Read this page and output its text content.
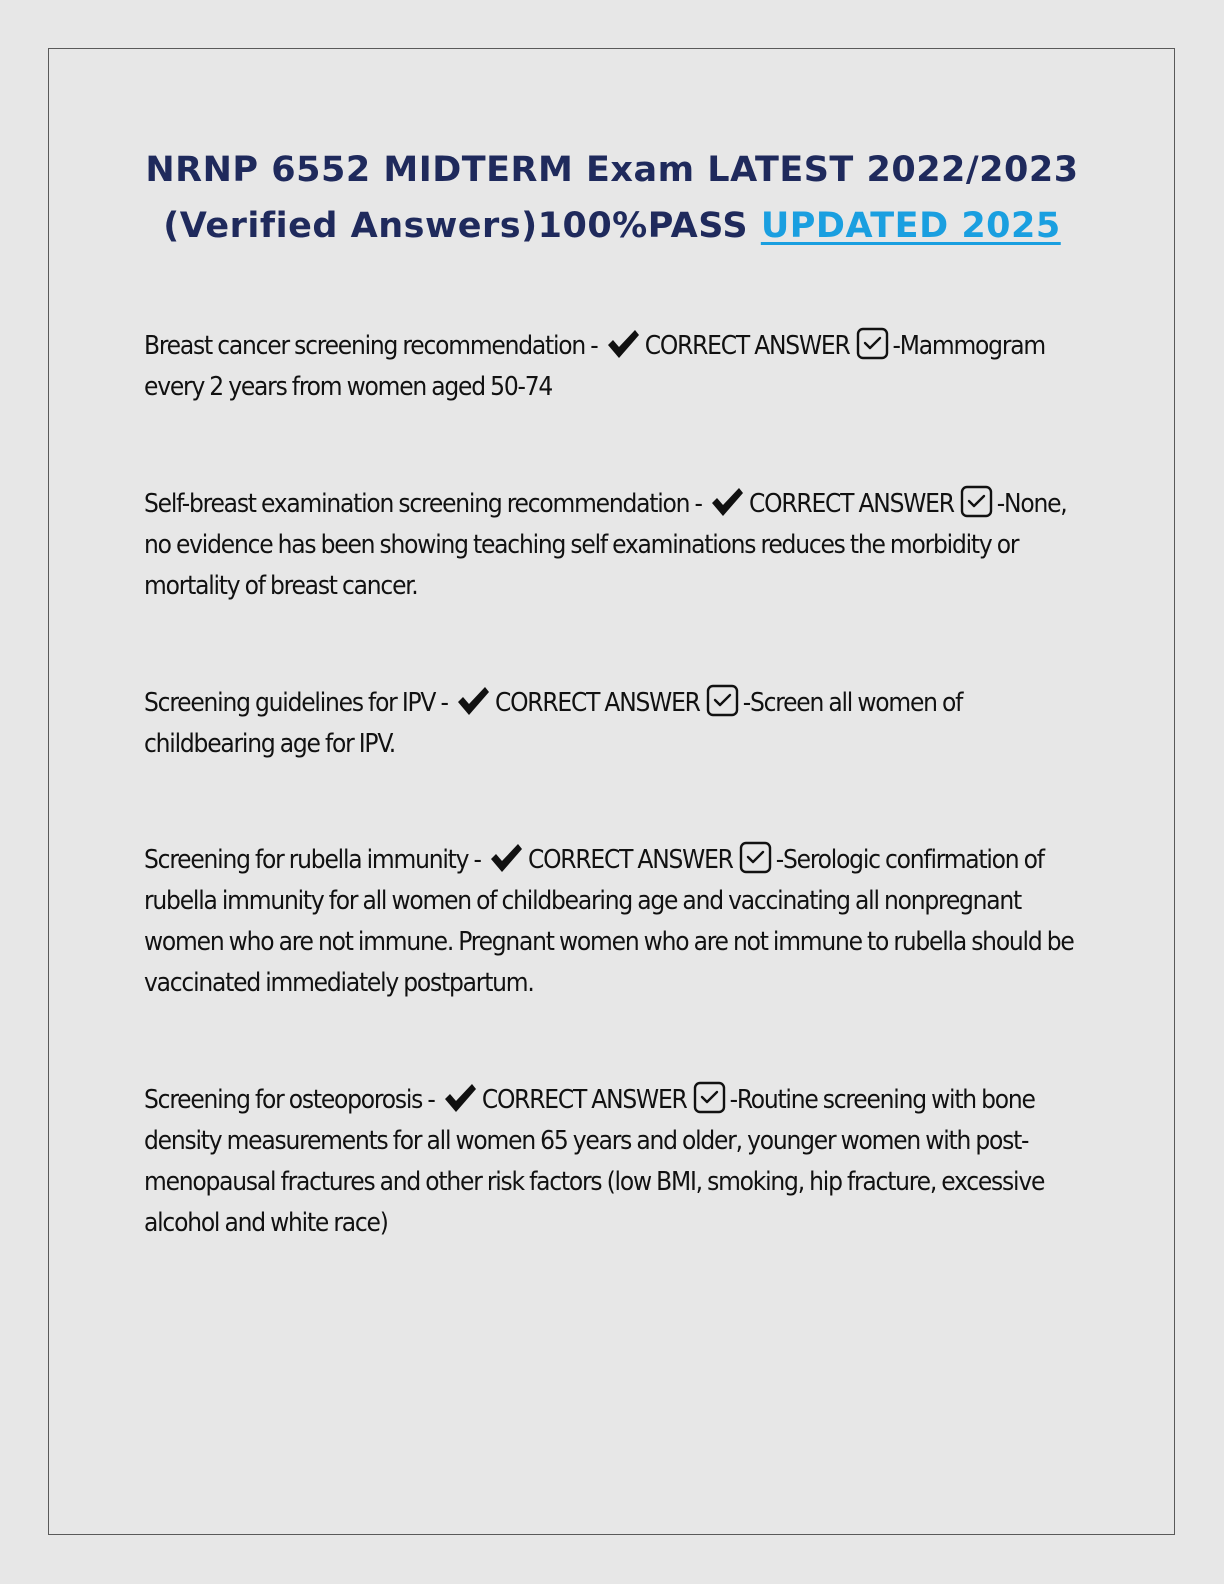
NRNP 6552 MIDTERM Exam LATEST 2022/2023
(Verified Answers)100%PASS UPDATED 2025
Breast cancer screening recommendation - CORRECT ANSWER -Mammogram every 2 years from women aged 50-74
Self-breast examination screening recommendation - CORRECT ANSWER -None, no evidence has been showing teaching self examinations reduces the morbidity or mortality of breast cancer.
Screening guidelines for IPV - CORRECT ANSWER -Screen all women of childbearing age for IPV.
Screening for rubella immunity - CORRECT ANSWER -Serologic confirmation of rubella immunity for all women of childbearing age and vaccinating all nonpregnant women who are not immune. Pregnant women who are not immune to rubella should be vaccinated immediately postpartum.
Screening for osteoporosis - CORRECT ANSWER -Routine screening with bone density measurements for all women 65 years and older, younger women with post-menopausal fractures and other risk factors (low BMI, smoking, hip fracture, excessive alcohol and white race)
